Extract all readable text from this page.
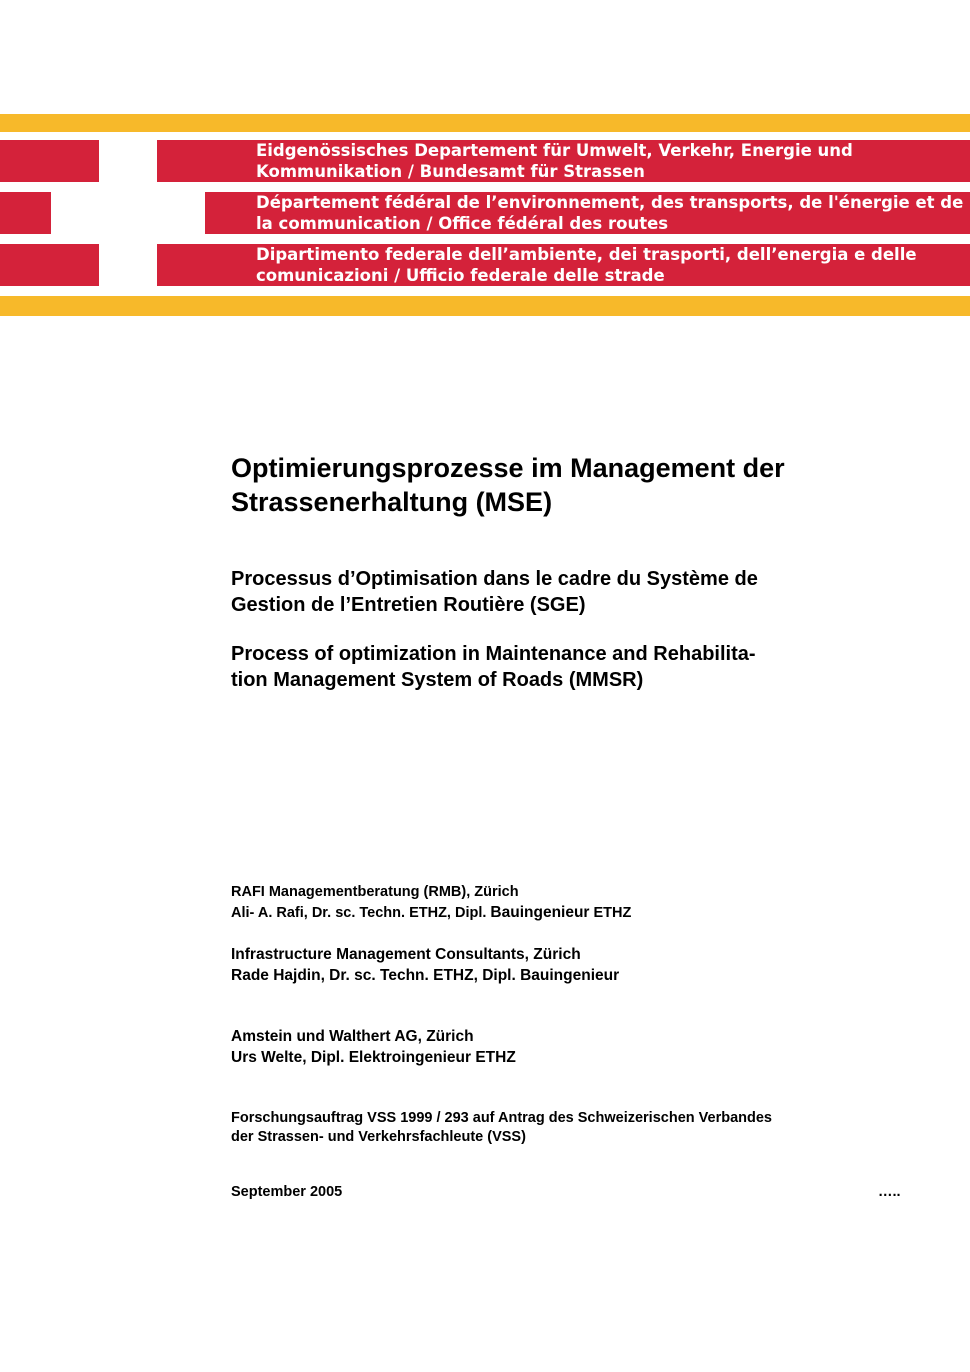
Eidgenössisches Departement für Umwelt, Verkehr, Energie und
Kommunikation / Bundesamt für Strassen
Département fédéral de l’environnement, des transports, de l'énergie et de
la communication / Office fédéral des routes
Dipartimento federale dell’ambiente, dei trasporti, dell’energia e delle
comunicazioni / Ufficio federale delle strade
Optimierungsprozesse im Management der
Strassenerhaltung (MSE)
Processus d’Optimisation dans le cadre du Système de
Gestion de l’Entretien Routière (SGE)
Process of optimization in Maintenance and Rehabilita-
tion Management System of Roads (MMSR)
RAFI Managementberatung (RMB), Zürich
Ali- A. Rafi, Dr. sc. Techn. ETHZ, Dipl. Bauingenieur ETHZ
Infrastructure Management Consultants, Zürich
Rade Hajdin, Dr. sc. Techn. ETHZ, Dipl. Bauingenieur
Amstein und Walthert AG, Zürich
Urs Welte, Dipl. Elektroingenieur ETHZ
Forschungsauftrag VSS 1999 / 293 auf Antrag des Schweizerischen Verbandes
der Strassen- und Verkehrsfachleute (VSS)
September 2005	…..
